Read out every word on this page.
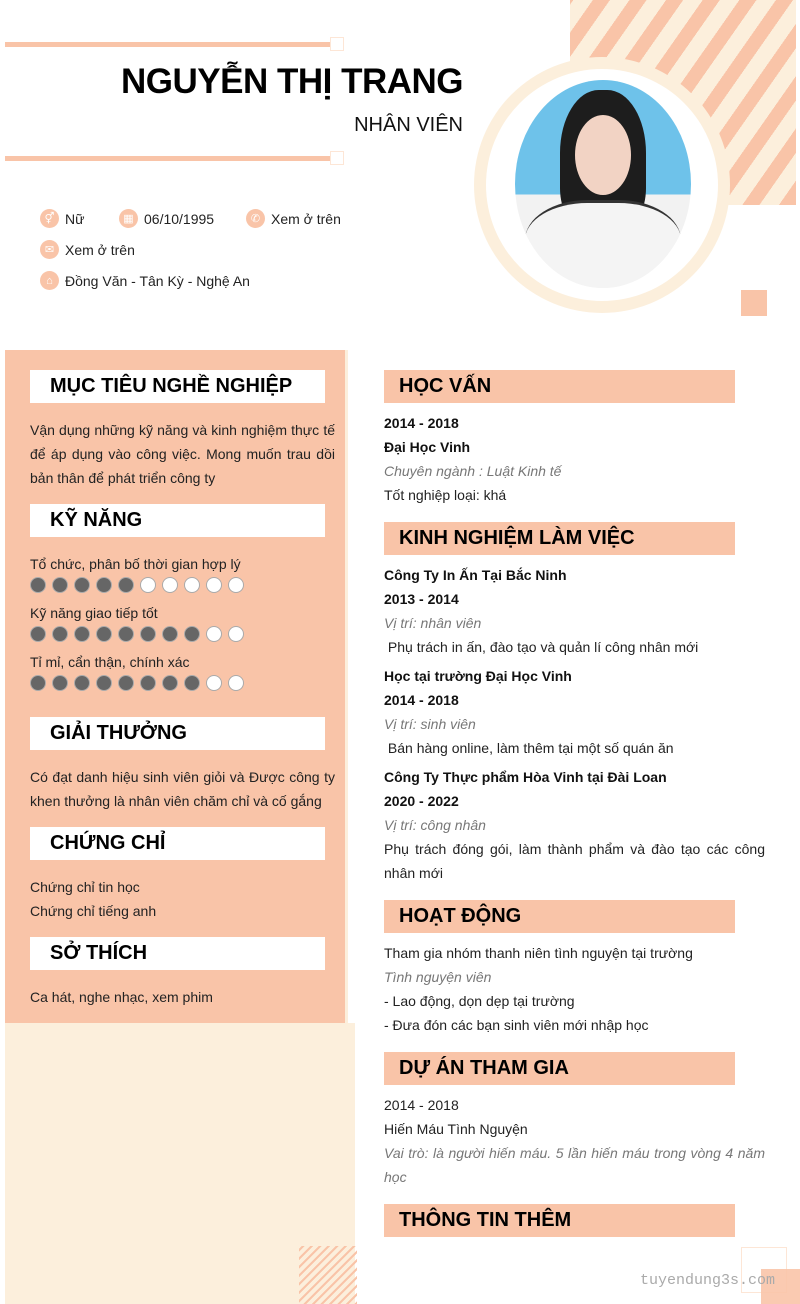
NGUYỄN THỊ TRANG
NHÂN VIÊN
⚥ Nữ	▦ 06/10/1995	✆ Xem ở trên
✉ Xem ở trên
⌂ Đồng Văn - Tân Kỳ - Nghệ An
MỤC TIÊU NGHỀ NGHIỆP
Vận dụng những kỹ năng và kinh nghiệm thực tế để áp dụng vào công việc. Mong muốn trau dồi bản thân để phát triển công ty
KỸ NĂNG
Tổ chức, phân bố thời gian hợp lý
Kỹ năng giao tiếp tốt
Tỉ mỉ, cẩn thận, chính xác
GIẢI THƯỞNG
Có đạt danh hiệu sinh viên giỏi và Được công ty khen thưởng là nhân viên chăm chỉ và cố gắng
CHỨNG CHỈ
Chứng chỉ tin học
Chứng chỉ tiếng anh
SỞ THÍCH
Ca hát, nghe nhạc, xem phim
HỌC VẤN
2014 - 2018
Đại Học Vinh
Chuyên ngành : Luật Kinh tế
Tốt nghiệp loại: khá
KINH NGHIỆM LÀM VIỆC
Công Ty In Ấn Tại Bắc Ninh
2013 - 2014
Vị trí: nhân viên
Phụ trách in ấn, đào tạo và quản lí công nhân mới
Học tại trường Đại Học Vinh
2014 - 2018
Vị trí: sinh viên
Bán hàng online, làm thêm tại một số quán ăn
Công Ty Thực phẩm Hòa Vinh tại Đài Loan
2020 - 2022
Vị trí: công nhân
Phụ trách đóng gói, làm thành phẩm và đào tạo các công nhân mới
HOẠT ĐỘNG
Tham gia nhóm thanh niên tình nguyện tại trường
Tình nguyện viên
- Lao động, dọn dẹp tại trường
- Đưa đón các bạn sinh viên mới nhập học
DỰ ÁN THAM GIA
2014 - 2018
Hiến Máu Tình Nguyện
Vai trò: là người hiến máu. 5 lần hiến máu trong vòng 4 năm học
THÔNG TIN THÊM
tuyendung3s.com
